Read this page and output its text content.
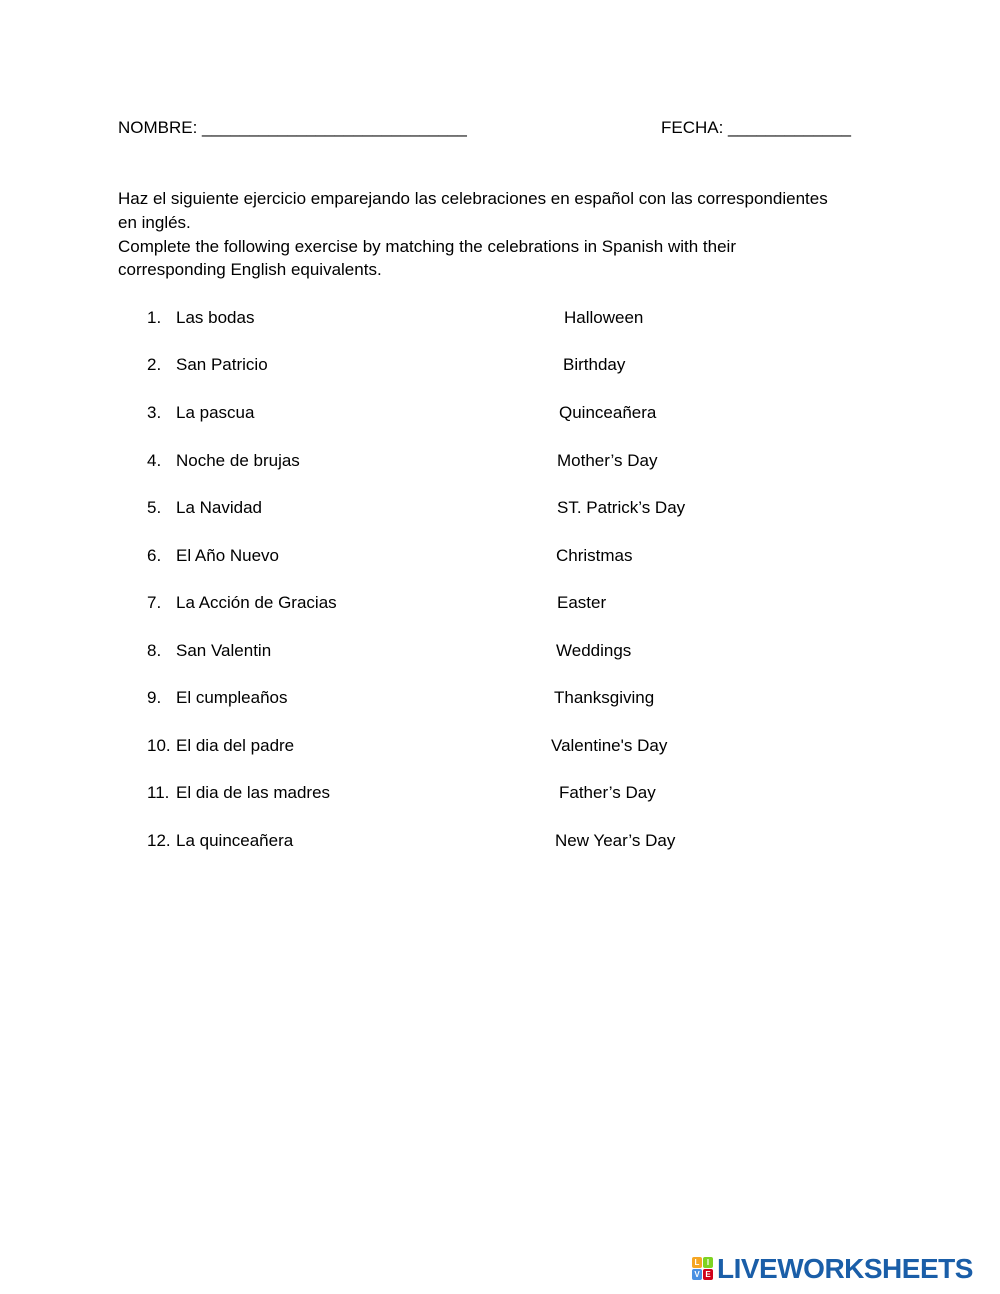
NOMBRE: ____________________________	FECHA: _____________
Haz el siguiente ejercicio emparejando las celebraciones en español con las correspondientes
en inglés.
Complete the following exercise by matching the celebrations in Spanish with their
corresponding English equivalents.
1. Las bodas	Halloween
2. San Patricio	Birthday
3. La pascua	Quinceañera
4. Noche de brujas	Mother’s Day
5. La Navidad	ST. Patrick’s Day
6. El Año Nuevo	Christmas
7. La Acción de Gracias	Easter
8. San Valentin	Weddings
9. El cumpleaños	Thanksgiving
10. El dia del padre	Valentine's Day
11. El dia de las madres	Father’s Day
12. La quinceañera	New Year’s Day
L I
V E LIVEWORKSHEETS
